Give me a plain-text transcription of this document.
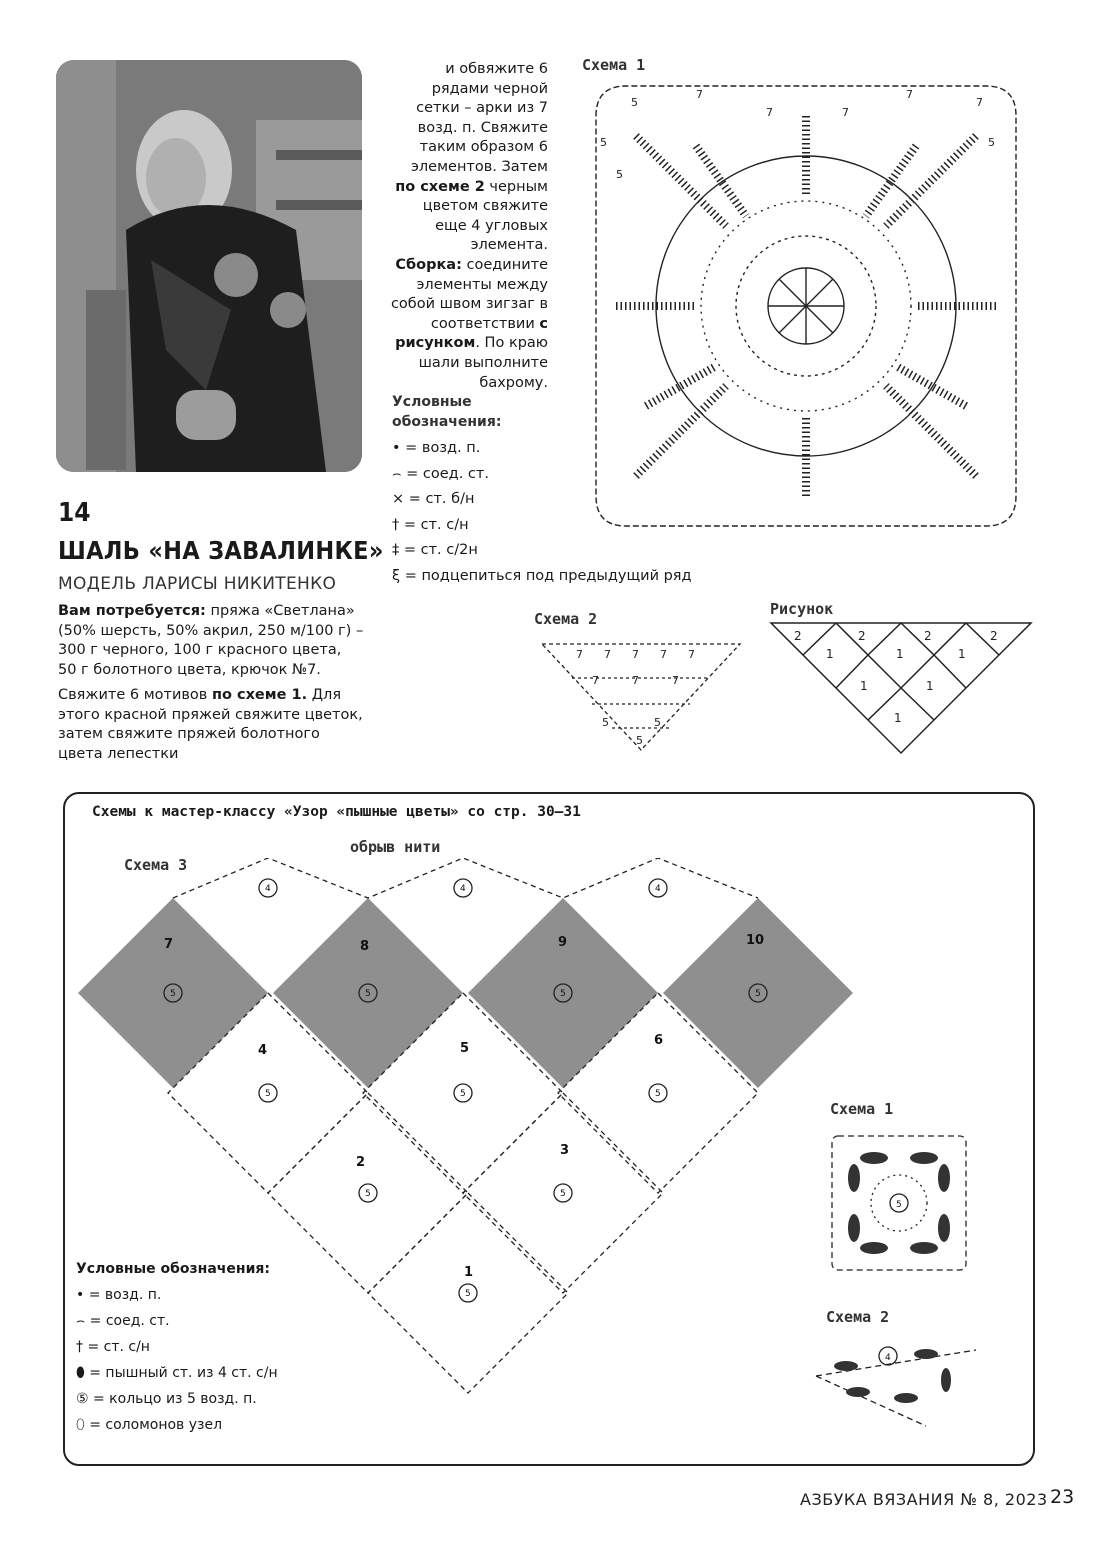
и обвяжите 6 рядами черной сетки – арки из 7 возд. п. Свяжите таким образом 6 элементов. Затем по схеме 2 черным цветом свяжите еще 4 угловых элемента.

Сборка: соедините элементы между собой швом зигзаг в соответствии с рисунком. По краю шали выполните бахрому.

Условные
обозначения:
• = возд. п.
⌢ = соед. ст.
× = ст. б/н
† = ст. с/н
‡ = ст. с/2н
ξ = подцепиться под предыдущий ряд
14
ШАЛЬ «НА ЗАВАЛИНКЕ»
МОДЕЛЬ ЛАРИСЫ НИКИТЕНКО

Вам потребуется: пряжа «Светлана» (50% шерсть, 50% акрил, 250 м/100 г) – 300 г черного, 100 г красного цвета, 50 г болотного цвета, крючок №7.

Свяжите 6 мотивов по схеме 1. Для этого красной пряжей свяжите цветок, затем свяжите пряжей болотного цвета лепестки

Схема 1
5
7
7	7
7
7
5
5
5
Схема 2
7 7 7 7 7
7	7	7
5	5
5
Рисунок
2	2	2	2
1	1	1
1	1
1
Схемы к мастер-классу «Узор «пышные цветы» со стр. 30–31
Схема 3
обрыв нити
7	8	9	10
4	5
6
2
3
1
5	5	5	5
5	5	5
5	5
5
4	4	4
Схема 1
5
Схема 2
4
Условные обозначения:
• = возд. п.
⌢ = соед. ст.
† = ст. с/н
⬮ = пышный ст. из 4 ст. с/н
⑤ = кольцо из 5 возд. п.
⬯ = соломонов узел
АЗБУКА ВЯЗАНИЯ № 8, 2023 23
